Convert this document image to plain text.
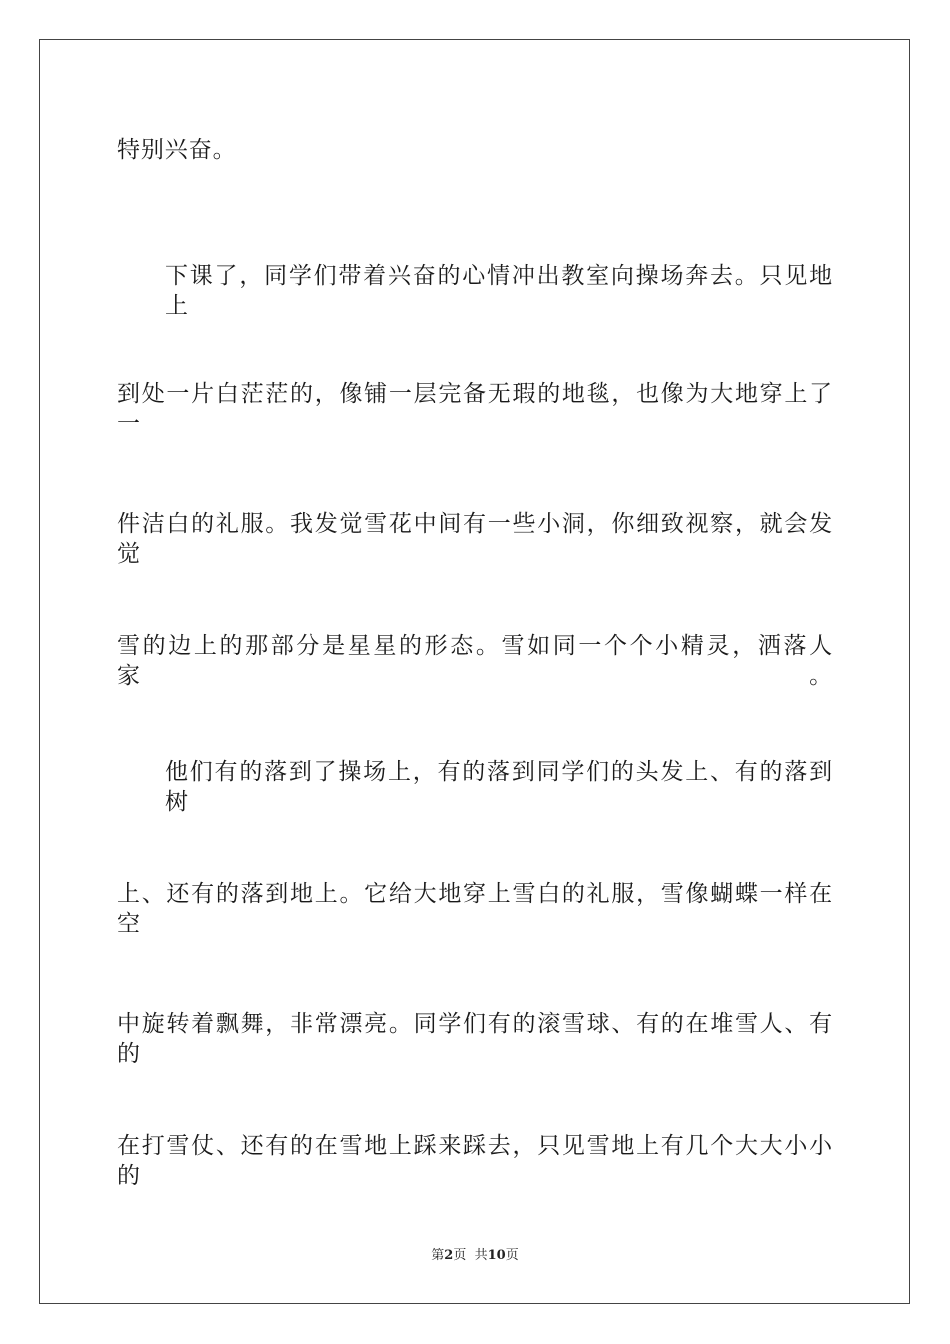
特别兴奋。
下课了，同学们带着兴奋的心情冲出教室向操场奔去。只见地上
到处一片白茫茫的，像铺一层完备无瑕的地毯，也像为大地穿上了一
件洁白的礼服。我发觉雪花中间有一些小洞，你细致视察，就会发觉
雪的边上的那部分是星星的形态。雪如同一个个小精灵，洒落人家。
他们有的落到了操场上，有的落到同学们的头发上、有的落到树
上、还有的落到地上。它给大地穿上雪白的礼服，雪像蝴蝶一样在空
中旋转着飘舞，非常漂亮。同学们有的滚雪球、有的在堆雪人、有的
在打雪仗、还有的在雪地上踩来踩去，只见雪地上有几个大大小小的
第2页  共10页
